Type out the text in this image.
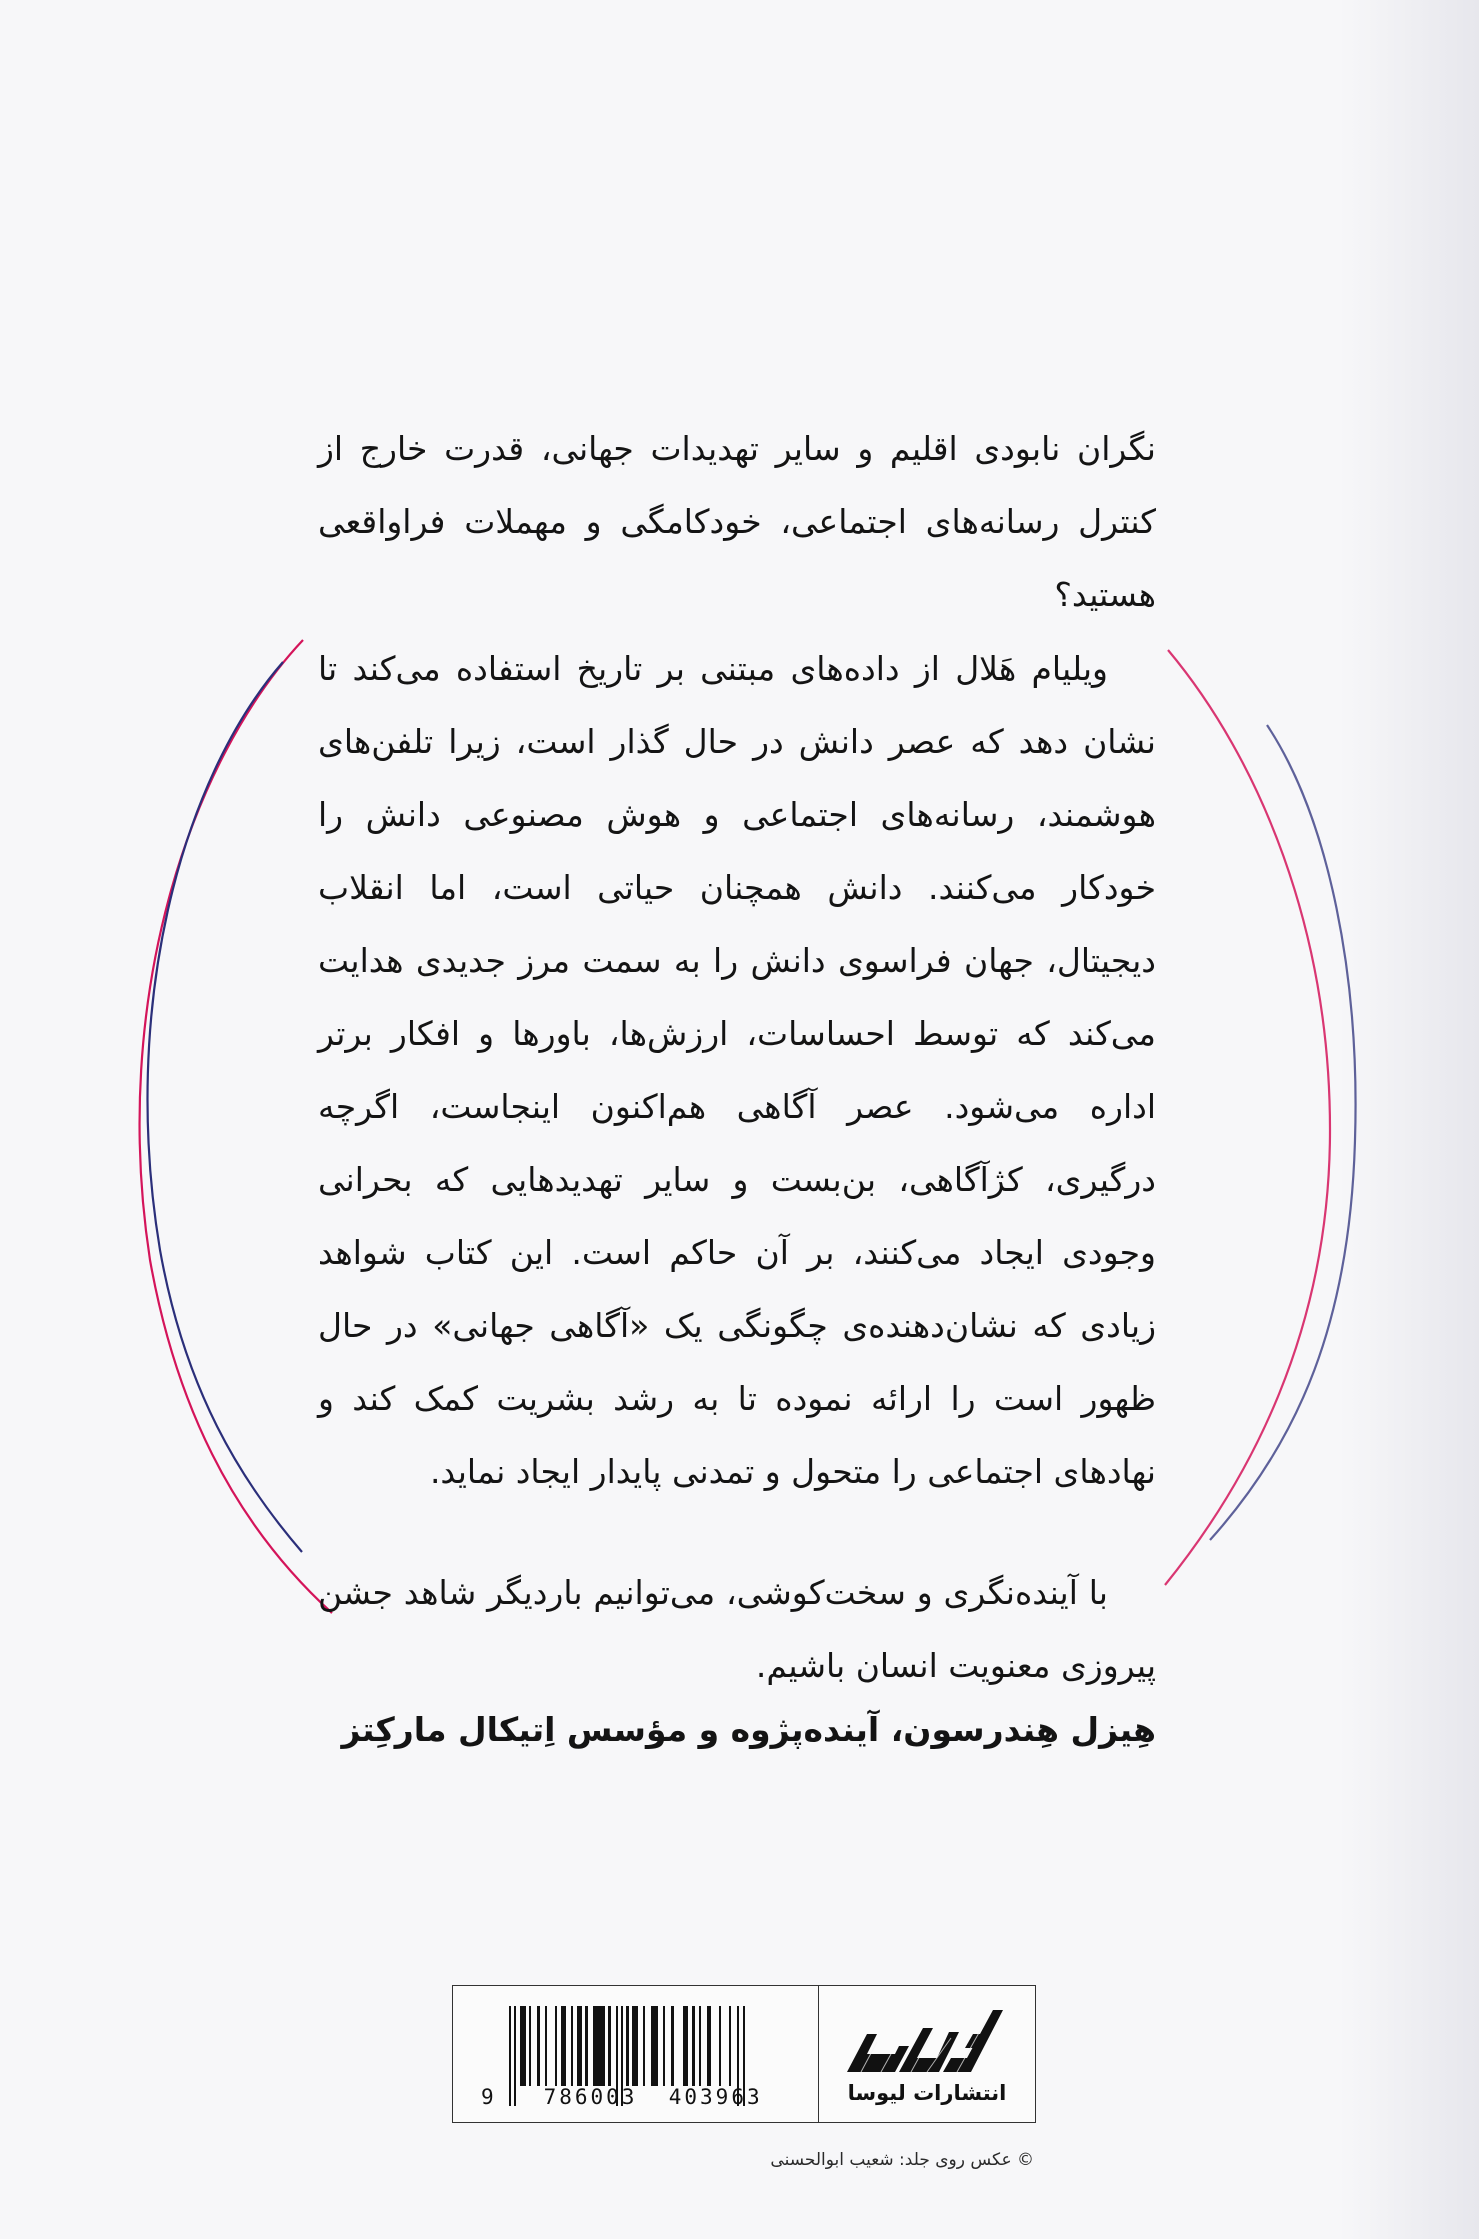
نگران نابودی اقلیم و سایر تهدیدات جهانی، قدرت خارج از کنترل رسانه‌های اجتماعی، خودکامگی و مهملات فراواقعی هستید؟
ویلیام هَلال از داده‌های مبتنی بر تاریخ استفاده می‌کند تا نشان دهد که عصر دانش در حال گذار است، زیرا تلفن‌های هوشمند، رسانه‌های اجتماعی و هوش مصنوعی دانش را خودکار می‌کنند. دانش همچنان حیاتی است، اما انقلاب دیجیتال، جهان فراسوی دانش را به سمت مرز جدیدی هدایت می‌کند که توسط احساسات، ارزش‌ها، باورها و افکار برتر اداره می‌شود. عصر آگاهی هم‌اکنون اینجاست، اگرچه درگیری، کژآگاهی، بن‌بست و سایر تهدیدهایی که بحرانی وجودی ایجاد می‌کنند، بر آن حاکم است. این کتاب شواهد زیادی که نشان‌دهنده‌ی چگونگی یک «آگاهی جهانی» در حال ظهور است را ارائه نموده تا به رشد بشریت کمک کند و نهادهای اجتماعی را متحول و تمدنی پایدار ایجاد نماید.
با آینده‌نگری و سخت‌کوشی، می‌توانیم باردیگر شاهد جشن پیروزی معنویت انسان باشیم.
هِیزل هِندرسون، آینده‌پژوه و مؤسس اِتیکال مارکِتز
9 786003 403963	انتشارات لیوسا
© عکس روی جلد: شعیب ابوالحسنی
